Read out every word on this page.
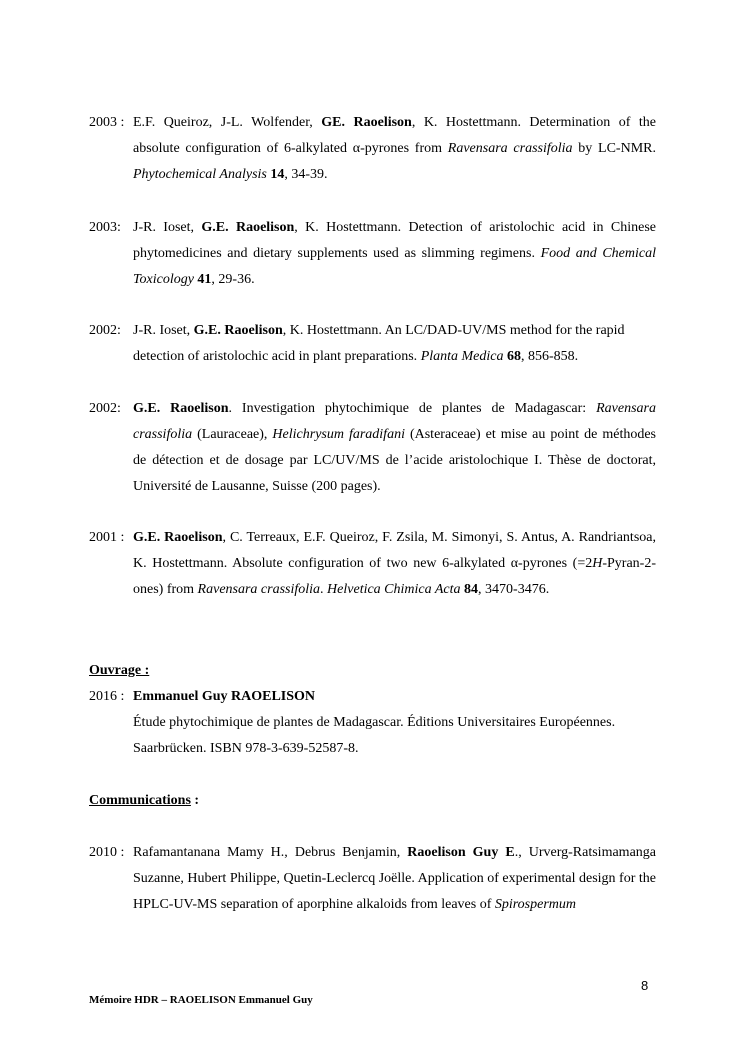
2003 : E.F. Queiroz, J-L. Wolfender, GE. Raoelison, K. Hostettmann. Determination of the absolute configuration of 6-alkylated α-pyrones from Ravensara crassifolia by LC-NMR. Phytochemical Analysis 14, 34-39.
2003: J-R. Ioset, G.E. Raoelison, K. Hostettmann. Detection of aristolochic acid in Chinese phytomedicines and dietary supplements used as slimming regimens. Food and Chemical Toxicology 41, 29-36.
2002: J-R. Ioset, G.E. Raoelison, K. Hostettmann. An LC/DAD-UV/MS method for the rapid detection of aristolochic acid in plant preparations. Planta Medica 68, 856-858.
2002: G.E. Raoelison. Investigation phytochimique de plantes de Madagascar: Ravensara crassifolia (Lauraceae), Helichrysum faradifani (Asteraceae) et mise au point de méthodes de détection et de dosage par LC/UV/MS de l’acide aristolochique I. Thèse de doctorat, Université de Lausanne, Suisse (200 pages).
2001 : G.E. Raoelison, C. Terreaux, E.F. Queiroz, F. Zsila, M. Simonyi, S. Antus, A. Randriantsoa, K. Hostettmann. Absolute configuration of two new 6-alkylated α-pyrones (=2H-Pyran-2-ones) from Ravensara crassifolia. Helvetica Chimica Acta 84, 3470-3476.
Ouvrage :
2016 : Emmanuel Guy RAOELISON
Étude phytochimique de plantes de Madagascar. Éditions Universitaires Européennes.
Saarbrücken. ISBN 978-3-639-52587-8.
Communications :
2010 : Rafamantanana Mamy H., Debrus Benjamin, Raoelison Guy E., Urverg-Ratsimamanga Suzanne, Hubert Philippe, Quetin-Leclercq Joëlle. Application of experimental design for the HPLC-UV-MS separation of aporphine alkaloids from leaves of Spirospermum
8
Mémoire HDR – RAOELISON Emmanuel Guy
